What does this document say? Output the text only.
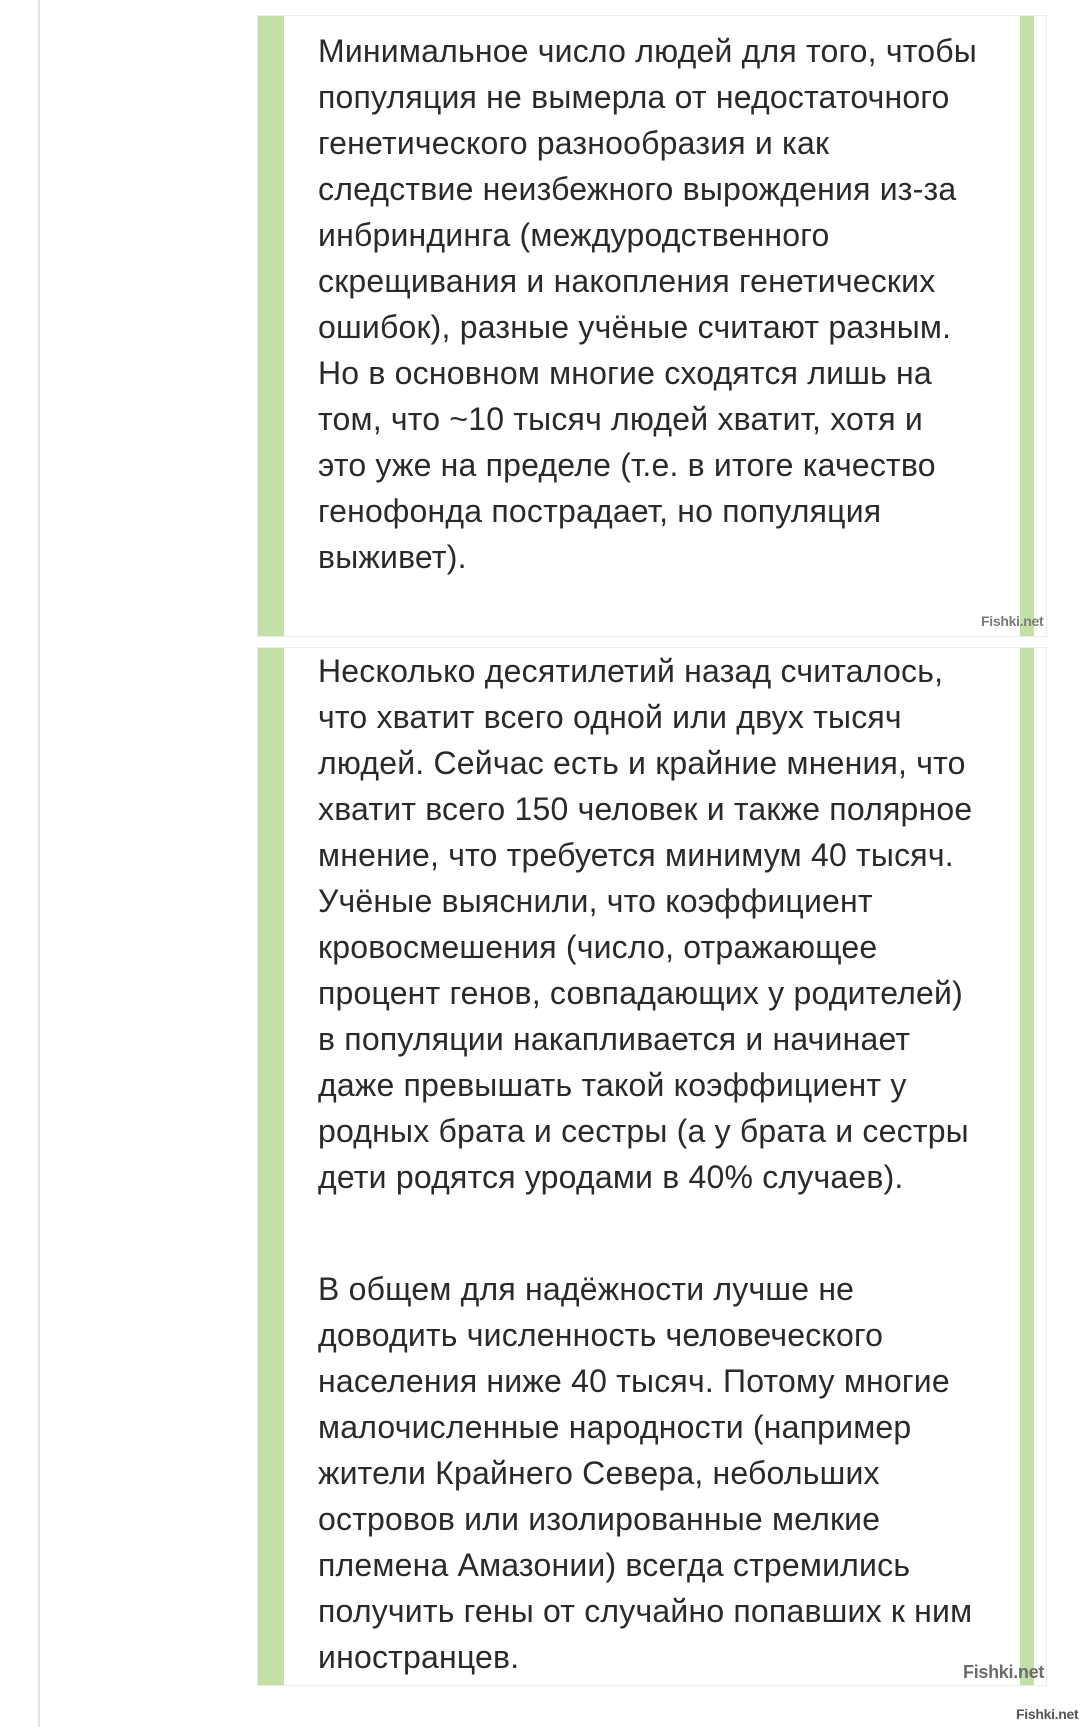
Минимальное число людей для того, чтобы популяция не вымерла от недостаточного генетического разнообразия и как следствие неизбежного вырождения из-за инбриндинга (междуродственного скрещивания и накопления генетических ошибок), разные учёные считают разным. Но в основном многие сходятся лишь на том, что ~10 тысяч людей хватит, хотя и это уже на пределе (т.е. в итоге качество генофонда пострадает, но популяция выживет).

Несколько десятилетий назад считалось, что хватит всего одной или двух тысяч людей. Сейчас есть и крайние мнения, что хватит всего 150 человек и также полярное мнение, что требуется минимум 40 тысяч. Учёные выяснили, что коэффициент кровосмешения (число, отражающее процент генов, совпадающих у родителей) в популяции накапливается и начинает даже превышать такой коэффициент у родных брата и сестры (а у брата и сестры дети родятся уродами в 40% случаев).

В общем для надёжности лучше не доводить численность человеческого населения ниже 40 тысяч. Потому многие малочисленные народности (например жители Крайнего Севера, небольших островов или изолированные мелкие племена Амазонии) всегда стремились получить гены от случайно попавших к ним иностранцев.

Fishki.net
Fishki.net
Fishki.net
